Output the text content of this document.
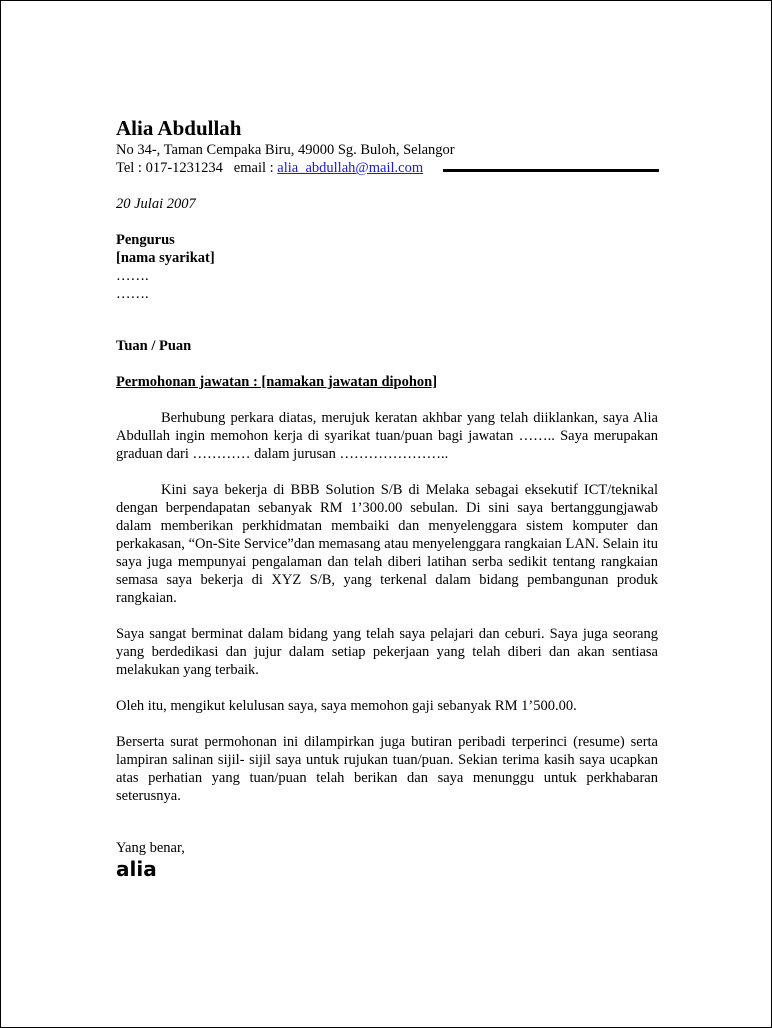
Alia Abdullah

No 34-, Taman Cempaka Biru, 49000 Sg. Buloh, Selangor

Tel : 017-1231234   email : alia_abdullah@mail.com

20 Julai 2007

Pengurus

[nama syarikat]

…….

…….

Tuan / Puan

Permohonan jawatan : [namakan jawatan dipohon]

Berhubung perkara diatas, merujuk keratan akhbar yang telah diiklankan, saya Alia Abdullah ingin memohon kerja di syarikat tuan/puan bagi jawatan …….. Saya merupakan graduan dari ………… dalam jurusan …………………..

Kini saya bekerja di BBB Solution S/B di Melaka sebagai eksekutif ICT/teknikal dengan berpendapatan sebanyak RM 1’300.00 sebulan. Di sini saya bertanggungjawab dalam memberikan perkhidmatan membaiki dan menyelenggara sistem komputer dan perkakasan, “On-Site Service”dan memasang atau menyelenggara rangkaian LAN. Selain itu saya juga mempunyai pengalaman dan telah diberi latihan serba sedikit tentang rangkaian semasa saya bekerja di XYZ S/B, yang terkenal dalam bidang pembangunan produk rangkaian.

Saya sangat berminat dalam bidang yang telah saya pelajari dan ceburi. Saya juga seorang yang berdedikasi dan jujur dalam setiap pekerjaan yang telah diberi dan akan sentiasa melakukan yang terbaik.

Oleh itu, mengikut kelulusan saya, saya memohon gaji sebanyak RM 1’500.00.

Berserta surat permohonan ini dilampirkan juga butiran peribadi terperinci (resume) serta lampiran salinan sijil- sijil saya untuk rujukan tuan/puan. Sekian terima kasih saya ucapkan atas perhatian yang tuan/puan telah berikan dan saya menunggu untuk perkhabaran seterusnya.

Yang benar,

alia
